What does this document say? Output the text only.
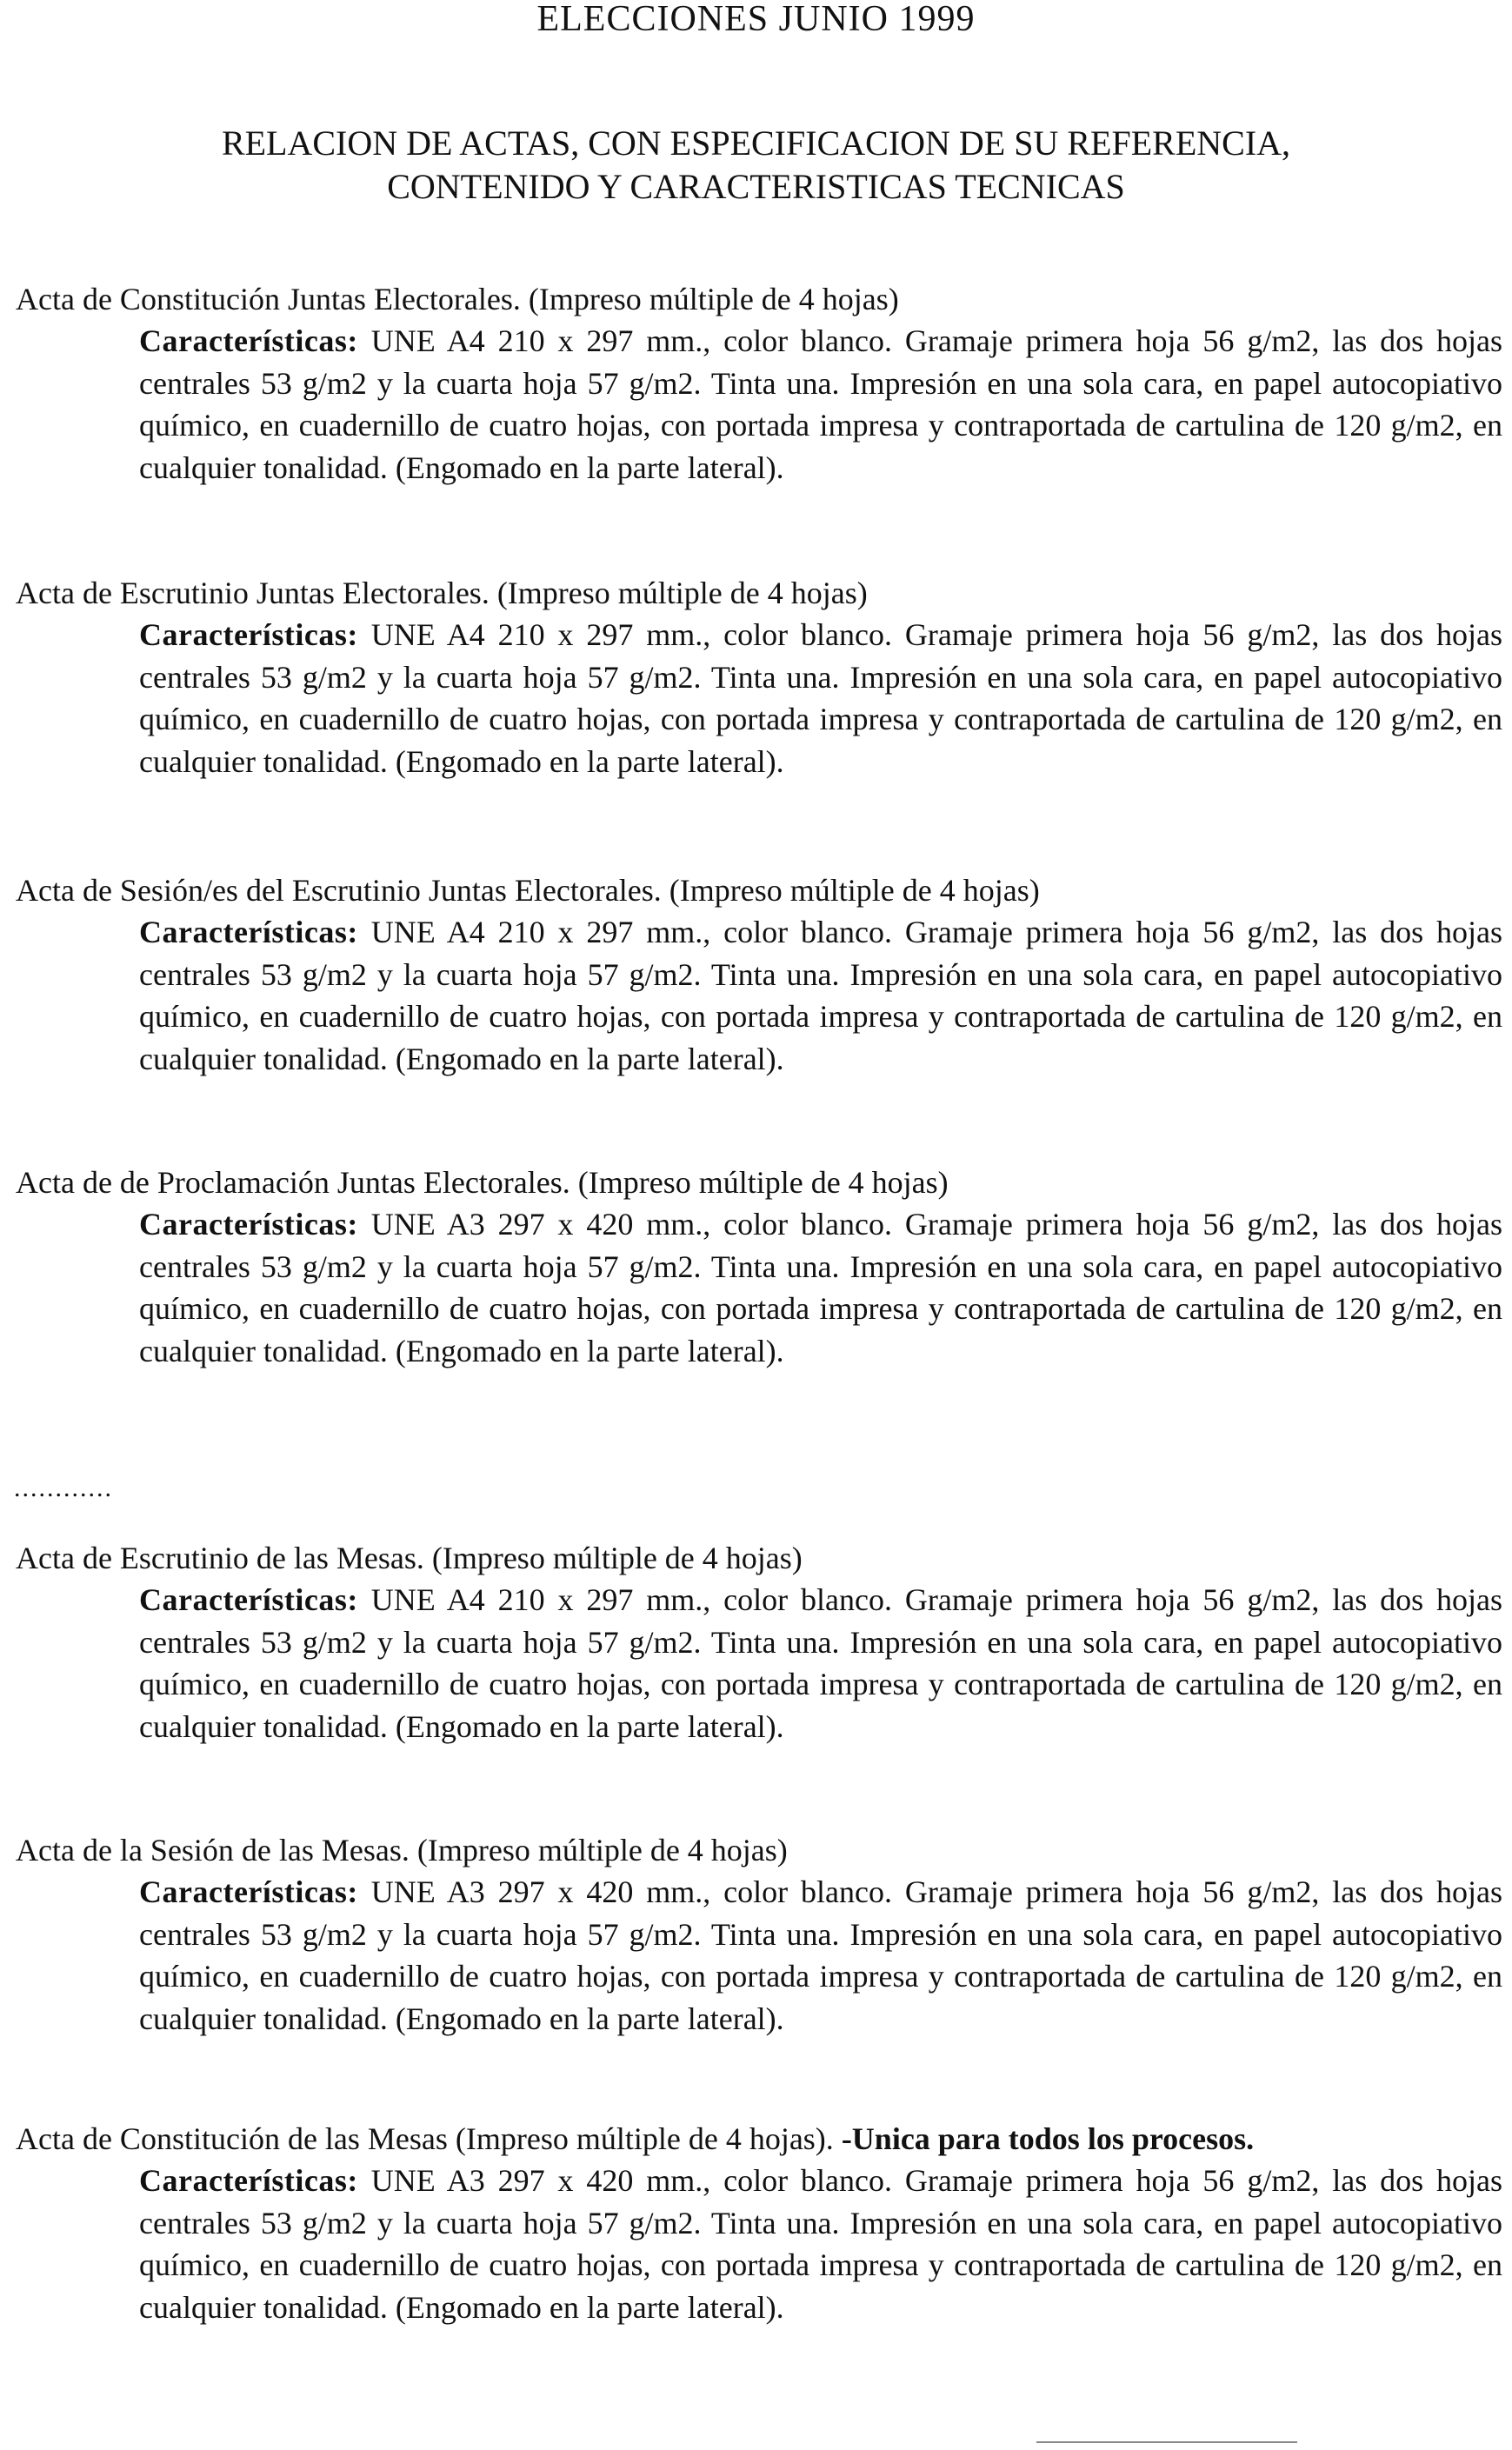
ELECCIONES JUNIO 1999
RELACION DE ACTAS, CON ESPECIFICACION DE SU REFERENCIA,
CONTENIDO Y CARACTERISTICAS TECNICAS

Acta de Constitución Juntas Electorales. (Impreso múltiple de 4 hojas)

Características: UNE A4 210 x 297 mm., color blanco. Gramaje primera hoja 56 g/m2, las dos hojas centrales 53 g/m2 y la cuarta hoja 57 g/m2. Tinta una. Impresión en una sola cara, en papel autocopiativo químico, en cuadernillo de cuatro hojas, con portada impresa y contraportada de cartulina de 120 g/m2, en cualquier tonalidad. (Engomado en la parte lateral).

Acta de Escrutinio Juntas Electorales. (Impreso múltiple de 4 hojas)

Características: UNE A4 210 x 297 mm., color blanco. Gramaje primera hoja 56 g/m2, las dos hojas centrales 53 g/m2 y la cuarta hoja 57 g/m2. Tinta una. Impresión en una sola cara, en papel autocopiativo químico, en cuadernillo de cuatro hojas, con portada impresa y contraportada de cartulina de 120 g/m2, en cualquier tonalidad. (Engomado en la parte lateral).

Acta de Sesión/es del Escrutinio Juntas Electorales. (Impreso múltiple de 4 hojas)

Características: UNE A4 210 x 297 mm., color blanco. Gramaje primera hoja 56 g/m2, las dos hojas centrales 53 g/m2 y la cuarta hoja 57 g/m2. Tinta una. Impresión en una sola cara, en papel autocopiativo químico, en cuadernillo de cuatro hojas, con portada impresa y contraportada de cartulina de 120 g/m2, en cualquier tonalidad. (Engomado en la parte lateral).

Acta de de Proclamación Juntas Electorales. (Impreso múltiple de 4 hojas)

Características: UNE A3 297 x 420 mm., color blanco. Gramaje primera hoja 56 g/m2, las dos hojas centrales 53 g/m2 y la cuarta hoja 57 g/m2. Tinta una. Impresión en una sola cara, en papel autocopiativo químico, en cuadernillo de cuatro hojas, con portada impresa y contraportada de cartulina de 120 g/m2, en cualquier tonalidad. (Engomado en la parte lateral).

............

Acta de Escrutinio de las Mesas. (Impreso múltiple de 4 hojas)

Características: UNE A4 210 x 297 mm., color blanco. Gramaje primera hoja 56 g/m2, las dos hojas centrales 53 g/m2 y la cuarta hoja 57 g/m2. Tinta una. Impresión en una sola cara, en papel autocopiativo químico, en cuadernillo de cuatro hojas, con portada impresa y contraportada de cartulina de 120 g/m2, en cualquier tonalidad. (Engomado en la parte lateral).

Acta de la Sesión de las Mesas. (Impreso múltiple de 4 hojas)

Características: UNE A3 297 x 420 mm., color blanco. Gramaje primera hoja 56 g/m2, las dos hojas centrales 53 g/m2 y la cuarta hoja 57 g/m2. Tinta una. Impresión en una sola cara, en papel autocopiativo químico, en cuadernillo de cuatro hojas, con portada impresa y contraportada de cartulina de 120 g/m2, en cualquier tonalidad. (Engomado en la parte lateral).

Acta de Constitución de las Mesas (Impreso múltiple de 4 hojas). -Unica para todos los procesos.

Características: UNE A3 297 x 420 mm., color blanco. Gramaje primera hoja 56 g/m2, las dos hojas centrales 53 g/m2 y la cuarta hoja 57 g/m2. Tinta una. Impresión en una sola cara, en papel autocopiativo químico, en cuadernillo de cuatro hojas, con portada impresa y contraportada de cartulina de 120 g/m2, en cualquier tonalidad. (Engomado en la parte lateral).
